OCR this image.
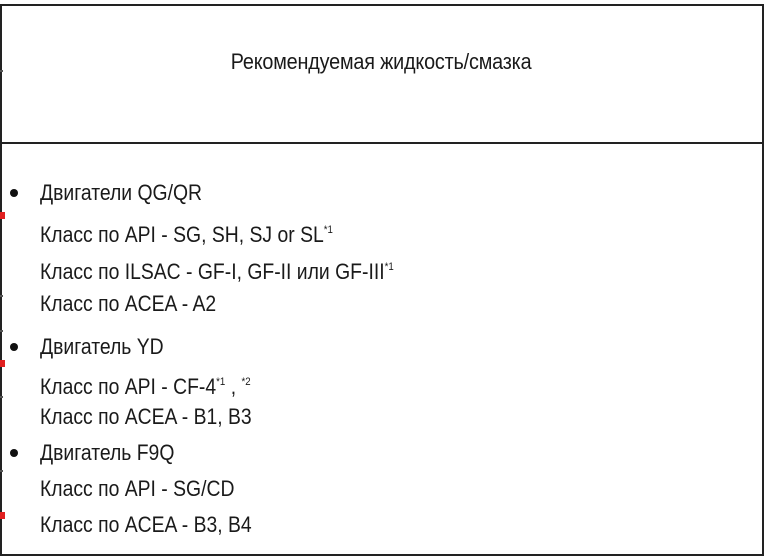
Рекомендуемая жидкость/смазка
Двигатели QG/QR
Класс по API - SG, SH, SJ or SL$^{*1}$
Класс по ILSAC - GF-I, GF-II или GF-III$^{*1}$
Класс по ACEA - A2
Двигатель YD
Класс по API - CF-4$^{*1}$ , $^{*2}$
Класс по ACEA - B1, B3
Двигатель F9Q
Класс по API - SG/CD
Класс по ACEA - B3, B4
